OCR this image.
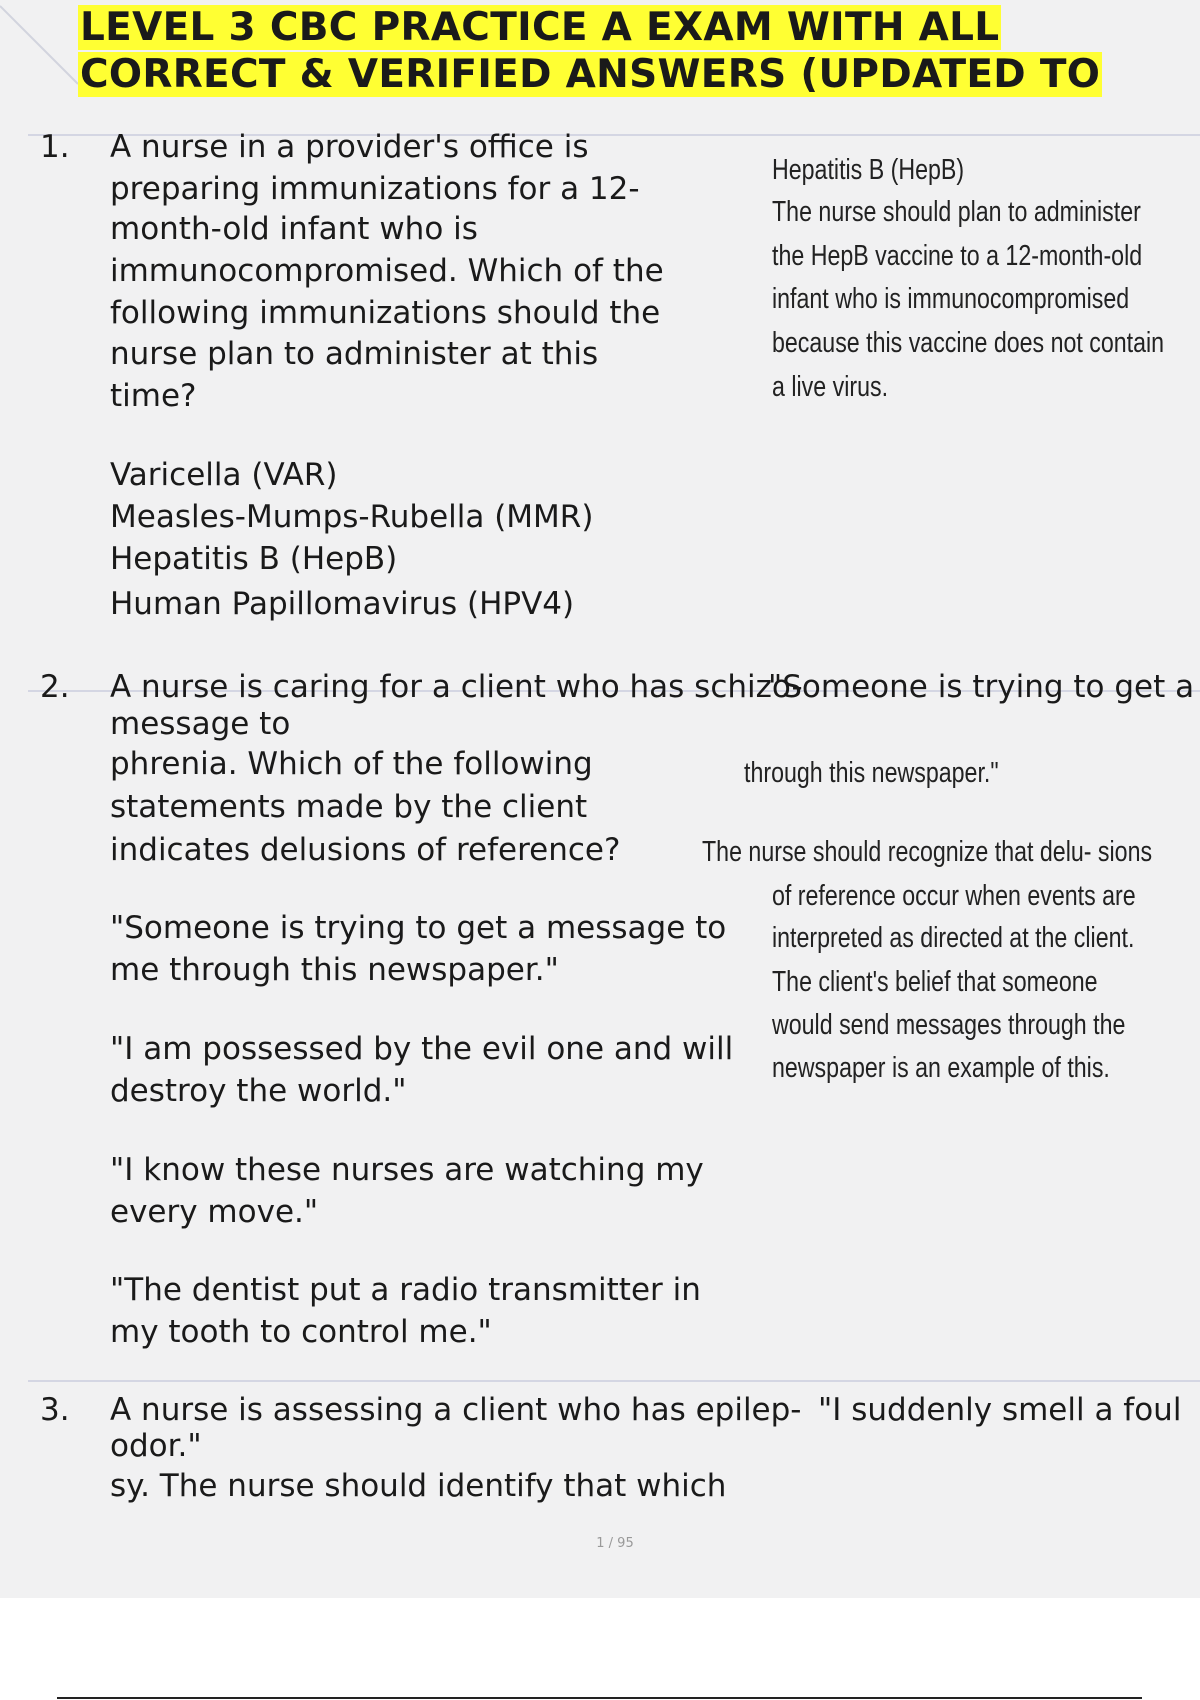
LEVEL 3 CBC PRACTICE A EXAM WITH ALL
CORRECT & VERIFIED ANSWERS (UPDATED TO
1. A nurse in a provider's office is
preparing immunizations for a 12-
month-old infant who is
immunocompromised. Which of the
following immunizations should the
nurse plan to administer at this
time?
Varicella (VAR)
Measles-Mumps-Rubella (MMR)
Hepatitis B (HepB)
Human Papillomavirus (HPV4)
Hepatitis B (HepB)
The nurse should plan to administer
the HepB vaccine to a 12-month-old
infant who is immunocompromised
because this vaccine does not contain
a live virus.
2. A nurse is caring for a client who has schizo-
"Someone is trying to get a
message to
phrenia. Which of the following	through this newspaper."
statements made by the client
indicates delusions of reference?	The nurse should recognize that delu- sions
of reference occur when events are
interpreted as directed at the client.
The client's belief that someone
would send messages through the
newspaper is an example of this.
"Someone is trying to get a message to
me through this newspaper."
"I am possessed by the evil one and will
destroy the world."
"I know these nurses are watching my
every move."
"The dentist put a radio transmitter in
my tooth to control me."
3. A nurse is assessing a client who has epilep- "I suddenly smell a foul
odor."
sy. The nurse should identify that which
1 / 95
